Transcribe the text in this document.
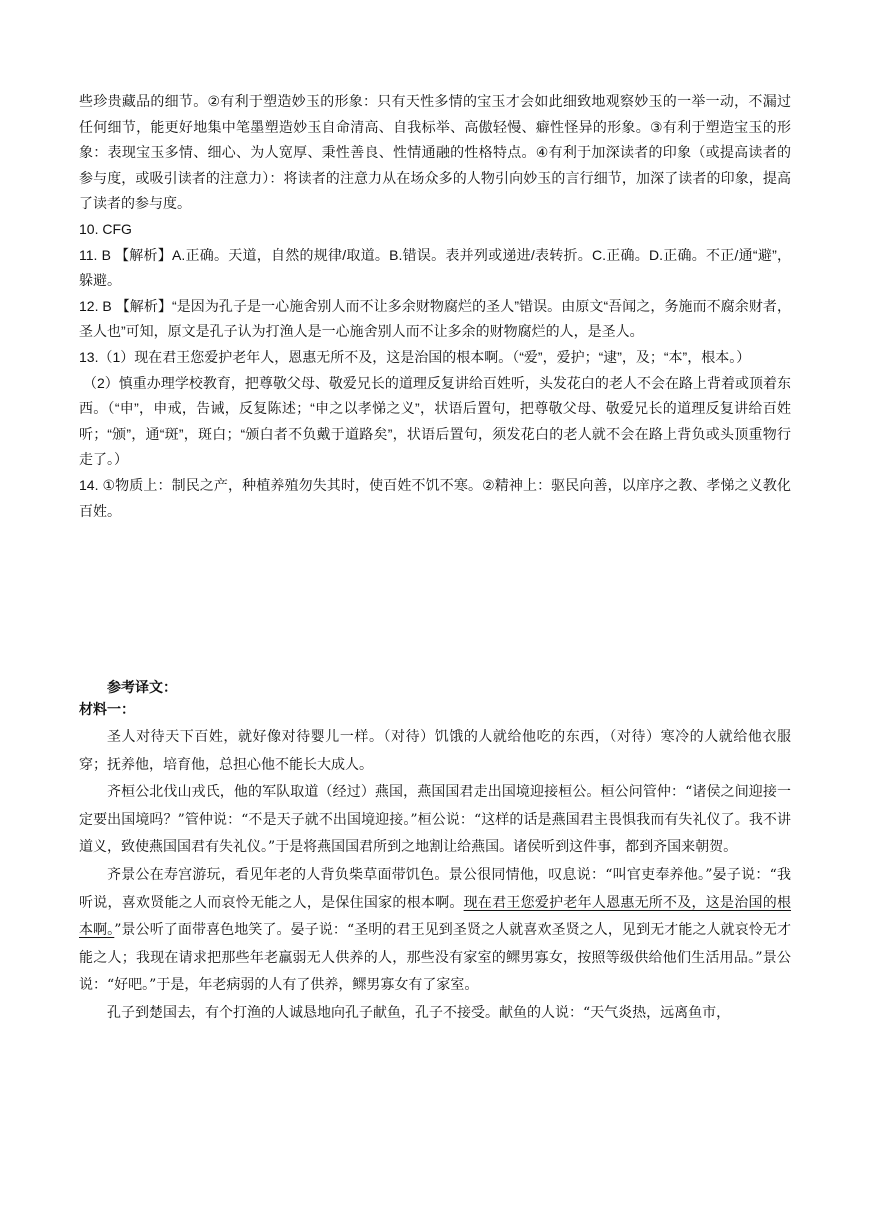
些珍贵藏品的细节。②有利于塑造妙玉的形象：只有天性多情的宝玉才会如此细致地观察妙玉的一举一动，不漏过任何细节，能更好地集中笔墨塑造妙玉自命清高、自我标举、高傲轻慢、癖性怪异的形象。③有利于塑造宝玉的形象：表现宝玉多情、细心、为人宽厚、秉性善良、性情通融的性格特点。④有利于加深读者的印象（或提高读者的参与度，或吸引读者的注意力）：将读者的注意力从在场众多的人物引向妙玉的言行细节，加深了读者的印象，提高了读者的参与度。

10. CFG

11. B 【解析】A.正确。天道，自然的规律/取道。B.错误。表并列或递进/表转折。C.正确。D.正确。不正/通“避”，躲避。

12. B 【解析】“是因为孔子是一心施舍别人而不让多余财物腐烂的圣人”错误。由原文“吾闻之，务施而不腐余财者，圣人也”可知，原文是孔子认为打渔人是一心施舍别人而不让多余的财物腐烂的人，是圣人。

13.（1）现在君王您爱护老年人，恩惠无所不及，这是治国的根本啊。（“爱”，爱护；“逮”，及；“本”，根本。）

（2）慎重办理学校教育，把尊敬父母、敬爱兄长的道理反复讲给百姓听，头发花白的老人不会在路上背着或顶着东西。（“申”，申戒，告诫，反复陈述；“申之以孝悌之义”，状语后置句，把尊敬父母、敬爱兄长的道理反复讲给百姓听；“颁”，通“斑”，斑白；“颁白者不负戴于道路矣”，状语后置句，须发花白的老人就不会在路上背负或头顶重物行走了。）

14. ①物质上：制民之产，种植养殖勿失其时，使百姓不饥不寒。②精神上：驱民向善，以庠序之教、孝悌之义教化百姓。

参考译文：

材料一：

圣人对待天下百姓，就好像对待婴儿一样。（对待）饥饿的人就给他吃的东西，（对待）寒冷的人就给他衣服穿；抚养他，培育他，总担心他不能长大成人。

齐桓公北伐山戎氏，他的军队取道（经过）燕国，燕国国君走出国境迎接桓公。桓公问管仲：“诸侯之间迎接一定要出国境吗？”管仲说：“不是天子就不出国境迎接。”桓公说：“这样的话是燕国君主畏惧我而有失礼仪了。我不讲道义，致使燕国国君有失礼仪。”于是将燕国国君所到之地割让给燕国。诸侯听到这件事，都到齐国来朝贺。

齐景公在寿宫游玩，看见年老的人背负柴草面带饥色。景公很同情他，叹息说：“叫官吏奉养他。”晏子说：“我听说，喜欢贤能之人而哀怜无能之人，是保住国家的根本啊。现在君王您爱护老年人恩惠无所不及，这是治国的根本啊。”景公听了面带喜色地笑了。晏子说：“圣明的君王见到圣贤之人就喜欢圣贤之人，见到无才能之人就哀怜无才能之人；我现在请求把那些年老羸弱无人供养的人，那些没有家室的鳏男寡女，按照等级供给他们生活用品。”景公说：“好吧。”于是，年老病弱的人有了供养，鳏男寡女有了家室。

孔子到楚国去，有个打渔的人诚恳地向孔子献鱼，孔子不接受。献鱼的人说：“天气炎热，远离鱼市，
